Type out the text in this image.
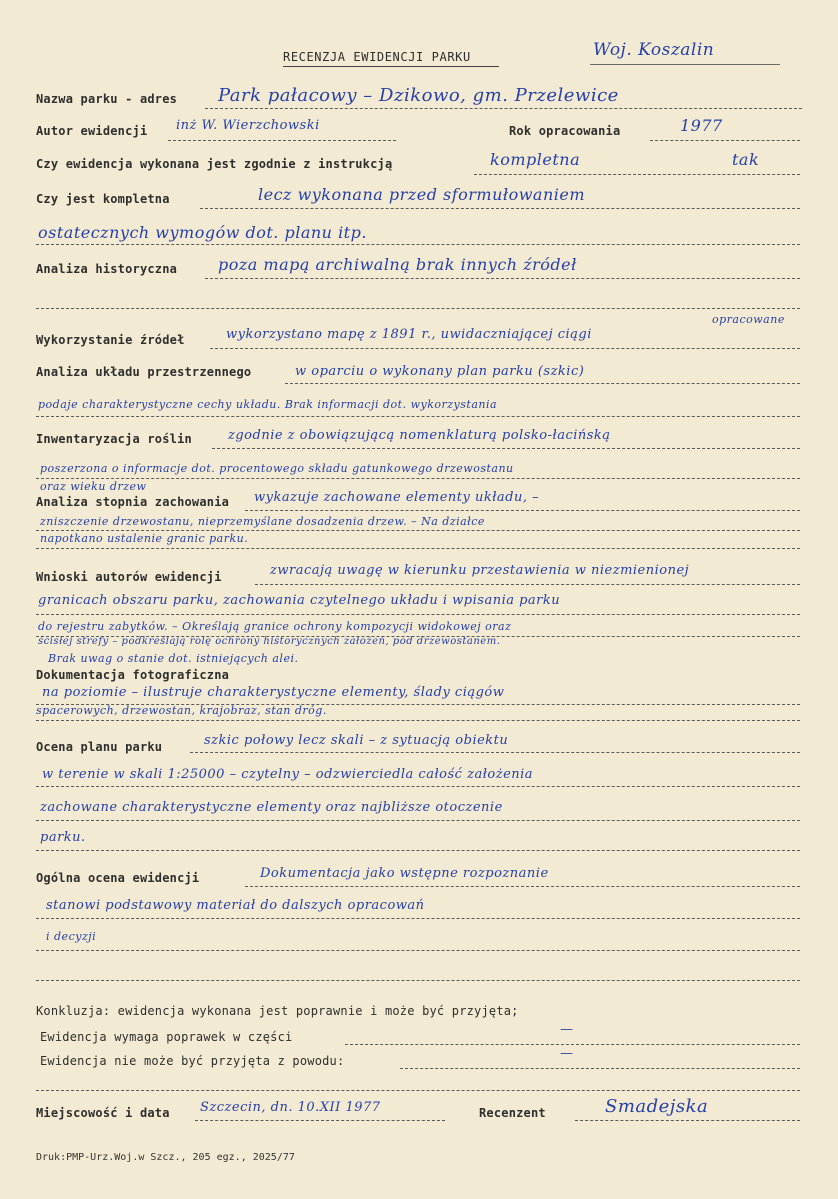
RECENZJA EWIDENCJI PARKU	Woj. Koszalin
Nazwa parku - adres Park pałacowy – Dzikowo, gm. Przelewice
Autor ewidencji inż W. Wierzchowski	Rok opracowania	1977
Czy ewidencja wykonana jest zgodnie z instrukcją	kompletna	tak
Czy jest kompletna	lecz wykonana przed sformułowaniem
ostatecznych wymogów dot. planu itp.
Analiza historyczna	poza mapą archiwalną brak innych źródeł
opracowane
Wykorzystanie źródeł	wykorzystano mapę z 1891 r., uwidaczniającej ciągi
Analiza układu przestrzennego	w oparciu o wykonany plan parku (szkic)
podaje charakterystyczne cechy układu. Brak informacji dot. wykorzystania
Inwentaryzacja roślin	zgodnie z obowiązującą nomenklaturą polsko-łacińską
poszerzona o informacje dot. procentowego składu gatunkowego drzewostanu
oraz wieku drzew
Analiza stopnia zachowania wykazuje zachowane elementy układu, –
zniszczenie drzewostanu, nieprzemyślane dosadzenia drzew. – Na działce
napotkano ustalenie granic parku.
Wnioski autorów ewidencji	zwracają uwagę w kierunku przestawienia w niezmienionej
granicach obszaru parku, zachowania czytelnego układu i wpisania parku
do rejestru zabytków. – Określają granice ochrony kompozycji widokowej oraz
ścisłej strefy – podkreślają rolę ochrony historycznych założeń, pod drzewostanem.
Brak uwag o stanie dot. istniejących alei.
Dokumentacja fotograficzna
na poziomie – ilustruje charakterystyczne elementy, ślady ciągów
spacerowych, drzewostan, krajobraz, stan dróg.
Ocena planu parku	szkic połowy lecz skali – z sytuacją obiektu
w terenie w skali 1:25000 – czytelny – odzwierciedla całość założenia
zachowane charakterystyczne elementy oraz najbliższe otoczenie
parku.
Ogólna ocena ewidencji	Dokumentacja jako wstępne rozpoznanie
stanowi podstawowy materiał do dalszych opracowań
i decyzji
Konkluzja: ewidencja wykonana jest poprawnie i może być przyjęta;
Ewidencja wymaga poprawek w części	—
Ewidencja nie może być przyjęta z powodu:	—
Miejscowość i data Szczecin, dn. 10.XII 1977	Recenzent	Smadejska
Druk:PMP-Urz.Woj.w Szcz., 205 egz., 2025/77
